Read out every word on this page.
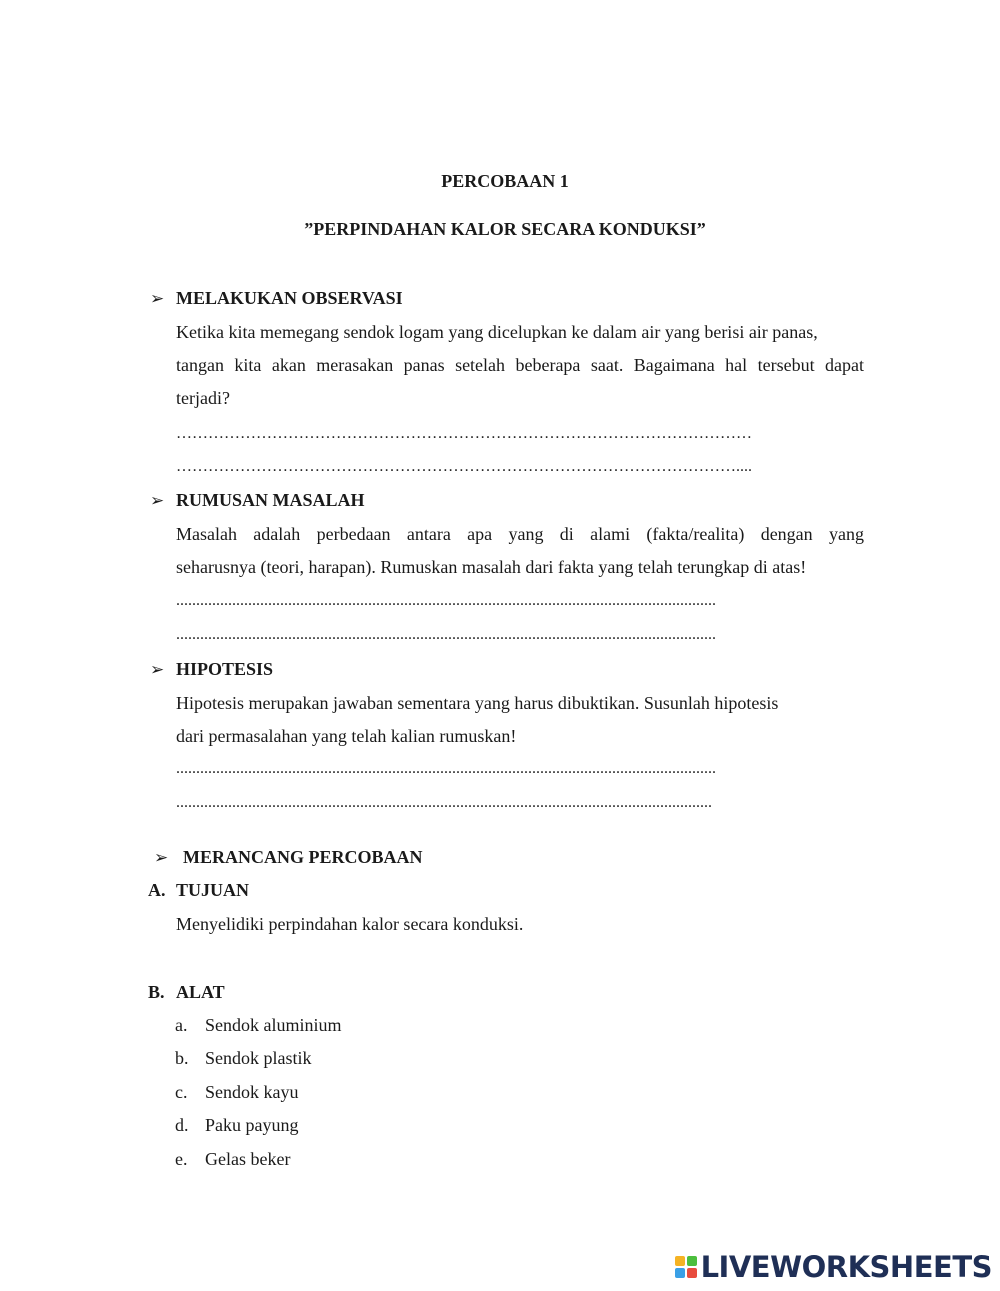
PERCOBAAN 1
”PERPINDAHAN KALOR SECARA KONDUKSI”
➢ MELAKUKAN OBSERVASI
Ketika kita memegang sendok logam yang dicelupkan ke dalam air yang berisi air panas,
tangan kita akan merasakan panas setelah beberapa saat. Bagaimana hal tersebut dapat
terjadi?
………………………………………………………………………………………………
……………………………………………………………………………………………....
➢ RUMUSAN MASALAH
Masalah adalah perbedaan antara apa yang di alami (fakta/realita) dengan yang
seharusnya (teori, harapan). Rumuskan masalah dari fakta yang telah terungkap di atas!
.......................................................................................................................................
.......................................................................................................................................
➢ HIPOTESIS
Hipotesis merupakan jawaban sementara yang harus dibuktikan. Susunlah hipotesis
dari permasalahan yang telah kalian rumuskan!
.......................................................................................................................................
......................................................................................................................................
➢ MERANCANG PERCOBAAN
A. TUJUAN
Menyelidiki perpindahan kalor secara konduksi.
B. ALAT
a. Sendok aluminium
b. Sendok plastik
c. Sendok kayu
d. Paku payung
e. Gelas beker
LIVEWORKSHEETS
